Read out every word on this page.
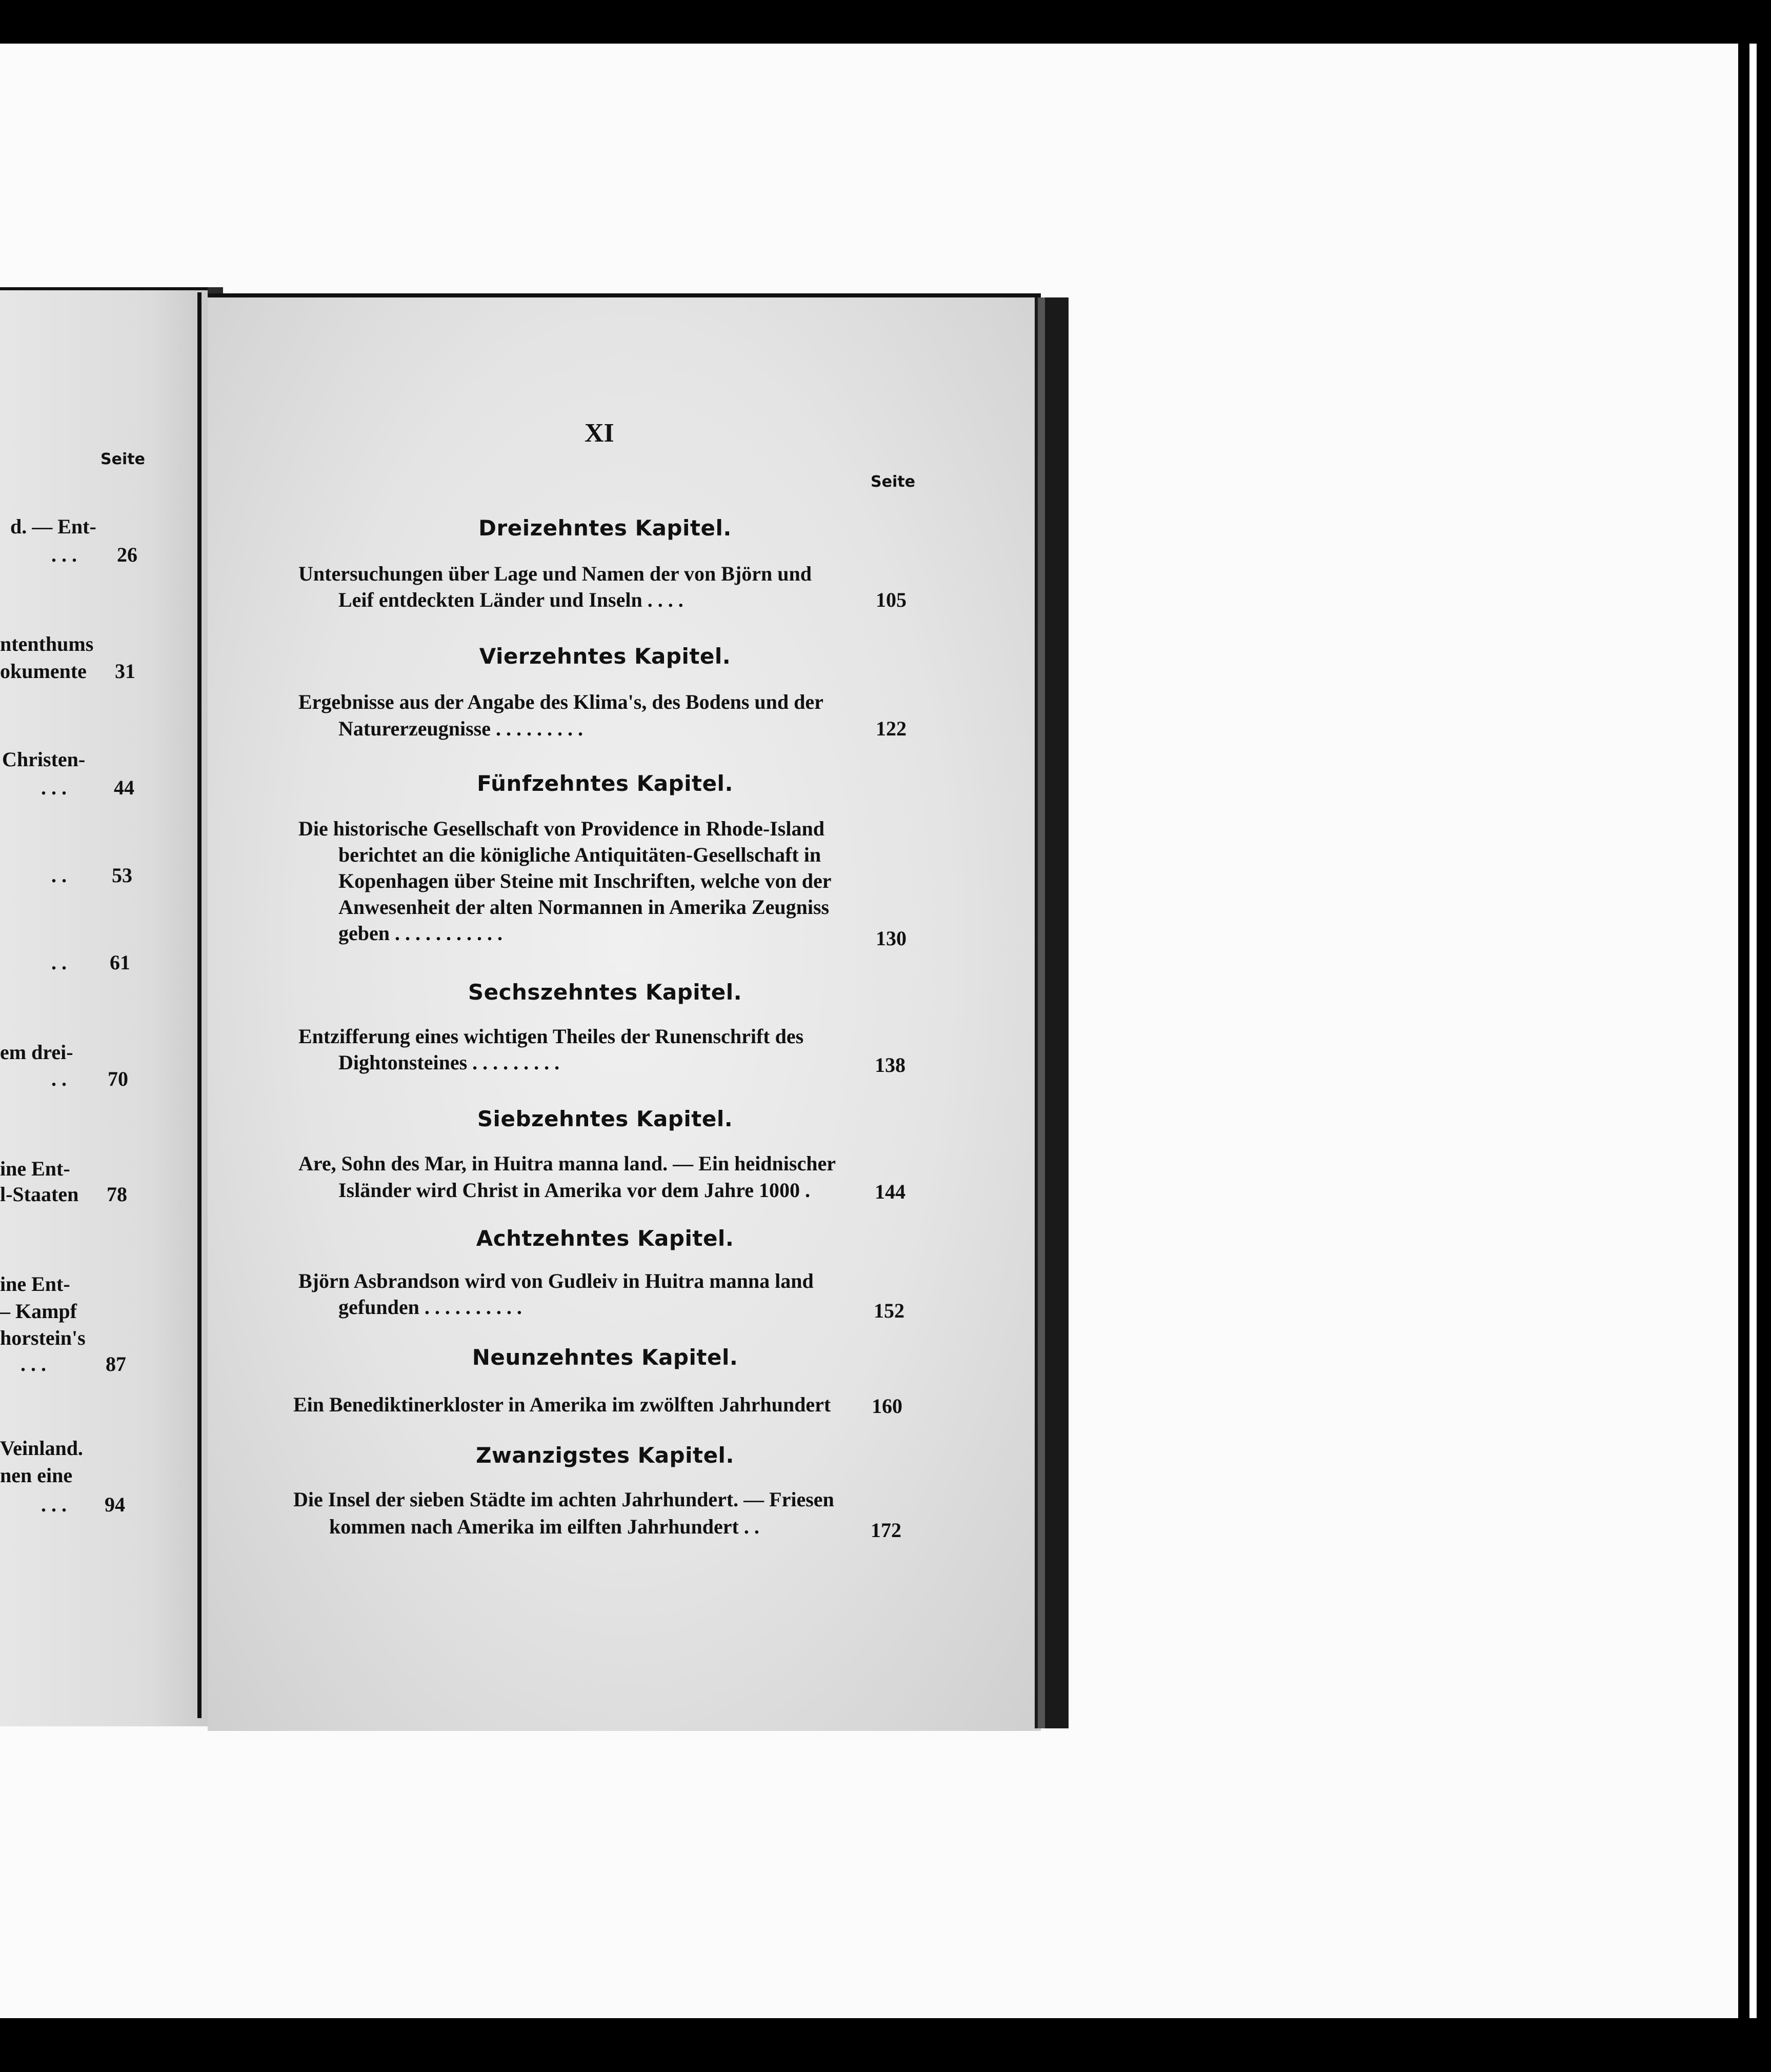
Seite
d. — Ent-
. . . 26
ntenthums
okumente 31
Christen-
. . . 44
. . 53
. . 61
em drei-
. . 70
ine Ent-
l-Staaten 78
ine Ent-
– Kampf
horstein's
. . .	87
Veinland.
nen eine
. . . 94
XI
Seite
Dreizehntes Kapitel.
Untersuchungen über Lage und Namen der von Björn und
Leif entdeckten Länder und Inseln . . . .	105
Vierzehntes Kapitel.
Ergebnisse aus der Angabe des Klima's, des Bodens und der
Naturerzeugnisse . . . . . . . . .	122
Fünfzehntes Kapitel.
Die historische Gesellschaft von Providence in Rhode-Island
berichtet an die königliche Antiquitäten-Gesellschaft in
Kopenhagen über Steine mit Inschriften, welche von der
Anwesenheit der alten Normannen in Amerika Zeugniss
geben . . . . . . . . . . .	130
Sechszehntes Kapitel.
Entzifferung eines wichtigen Theiles der Runenschrift des
Dightonsteines . . . . . . . . .	138
Siebzehntes Kapitel.
Are, Sohn des Mar, in Huitra manna land. — Ein heidnischer
Isländer wird Christ in Amerika vor dem Jahre 1000 .	144
Achtzehntes Kapitel.
Björn Asbrandson wird von Gudleiv in Huitra manna land
gefunden . . . . . . . . . .	152
Neunzehntes Kapitel.
Ein Benediktinerkloster in Amerika im zwölften Jahrhundert 160
Zwanzigstes Kapitel.
Die Insel der sieben Städte im achten Jahrhundert. — Friesen
kommen nach Amerika im eilften Jahrhundert . .	172
